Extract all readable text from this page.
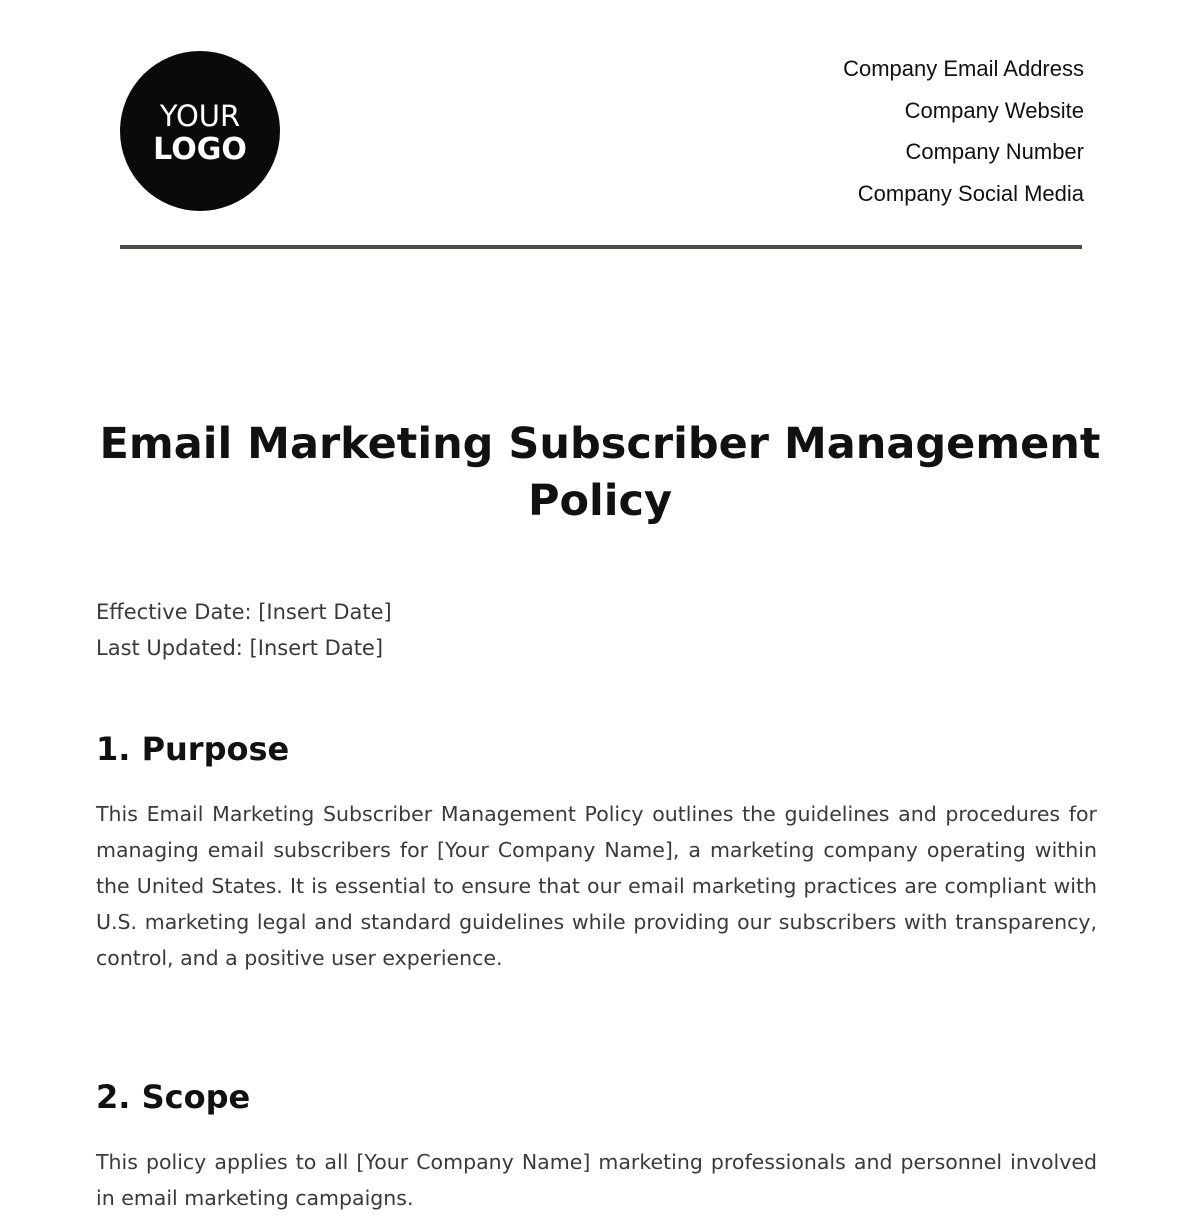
YOUR
LOGO
Company Email Address
Company Website
Company Number
Company Social Media
Email Marketing Subscriber Management Policy
Effective Date: [Insert Date]
Last Updated: [Insert Date]
1. Purpose

This Email Marketing Subscriber Management Policy outlines the guidelines and procedures for managing email subscribers for [Your Company Name], a marketing company operating within the United States. It is essential to ensure that our email marketing practices are compliant with U.S. marketing legal and standard guidelines while providing our subscribers with transparency, control, and a positive user experience.

2. Scope

This policy applies to all [Your Company Name] marketing professionals and personnel involved in email marketing campaigns.
